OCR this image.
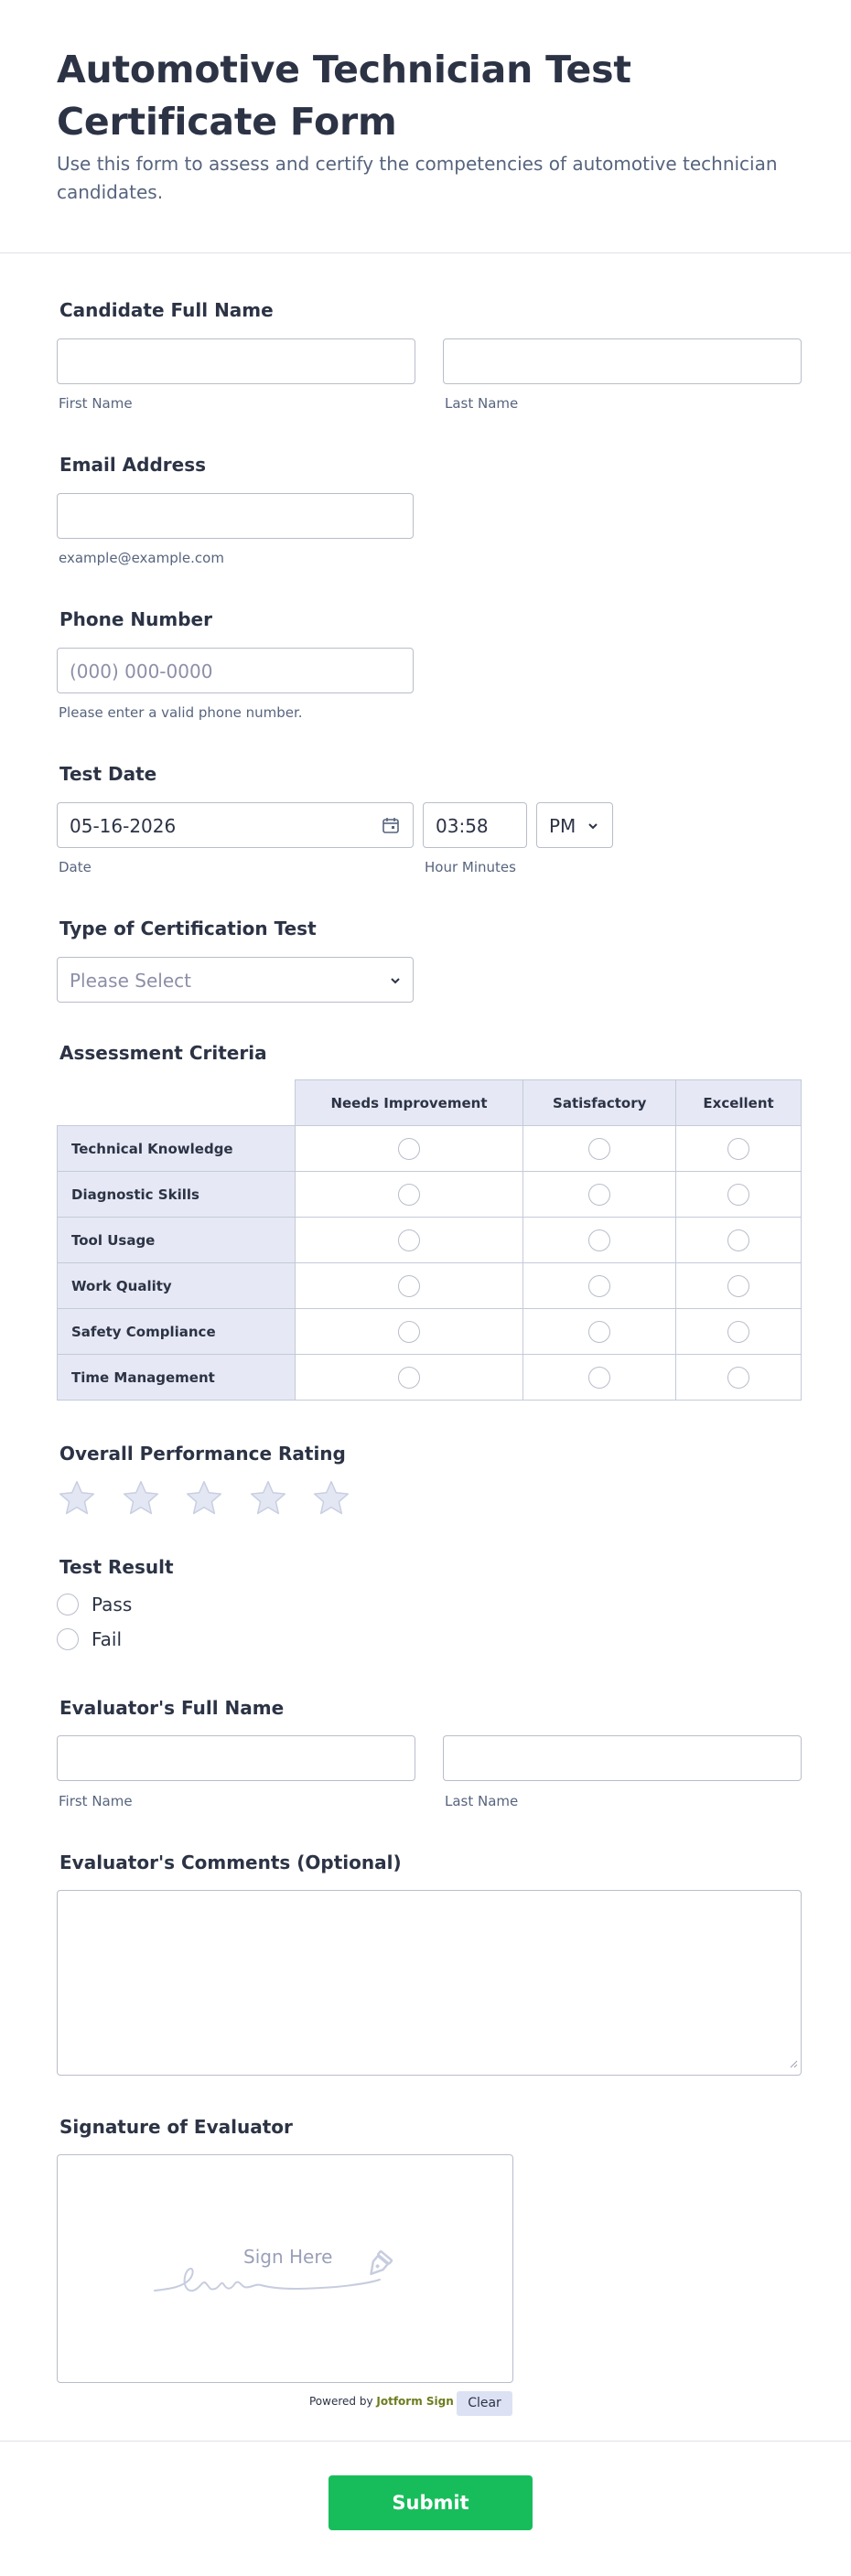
Automotive Technician Test Certificate Form

Use this form to assess and certify the competencies of automotive technician candidates.

Candidate Full Name
First Name	Last Name
Email Address
example@example.com
Phone Number
(000) 000-0000
Please enter a valid phone number.
Test Date
05-16-2026	03:58	PM
Date	Hour Minutes
Type of Certification Test
Please Select
Assessment Criteria
	Needs Improvement	Satisfactory	Excellent
Technical Knowledge			
Diagnostic Skills			
Tool Usage			
Work Quality			
Safety Compliance			
Time Management			
Overall Performance Rating
Test Result
Pass
Fail
Evaluator's Full Name
First Name	Last Name
Evaluator's Comments (Optional)
Signature of Evaluator
Sign Here
Powered by Jotform Sign	Clear
Submit Certification
